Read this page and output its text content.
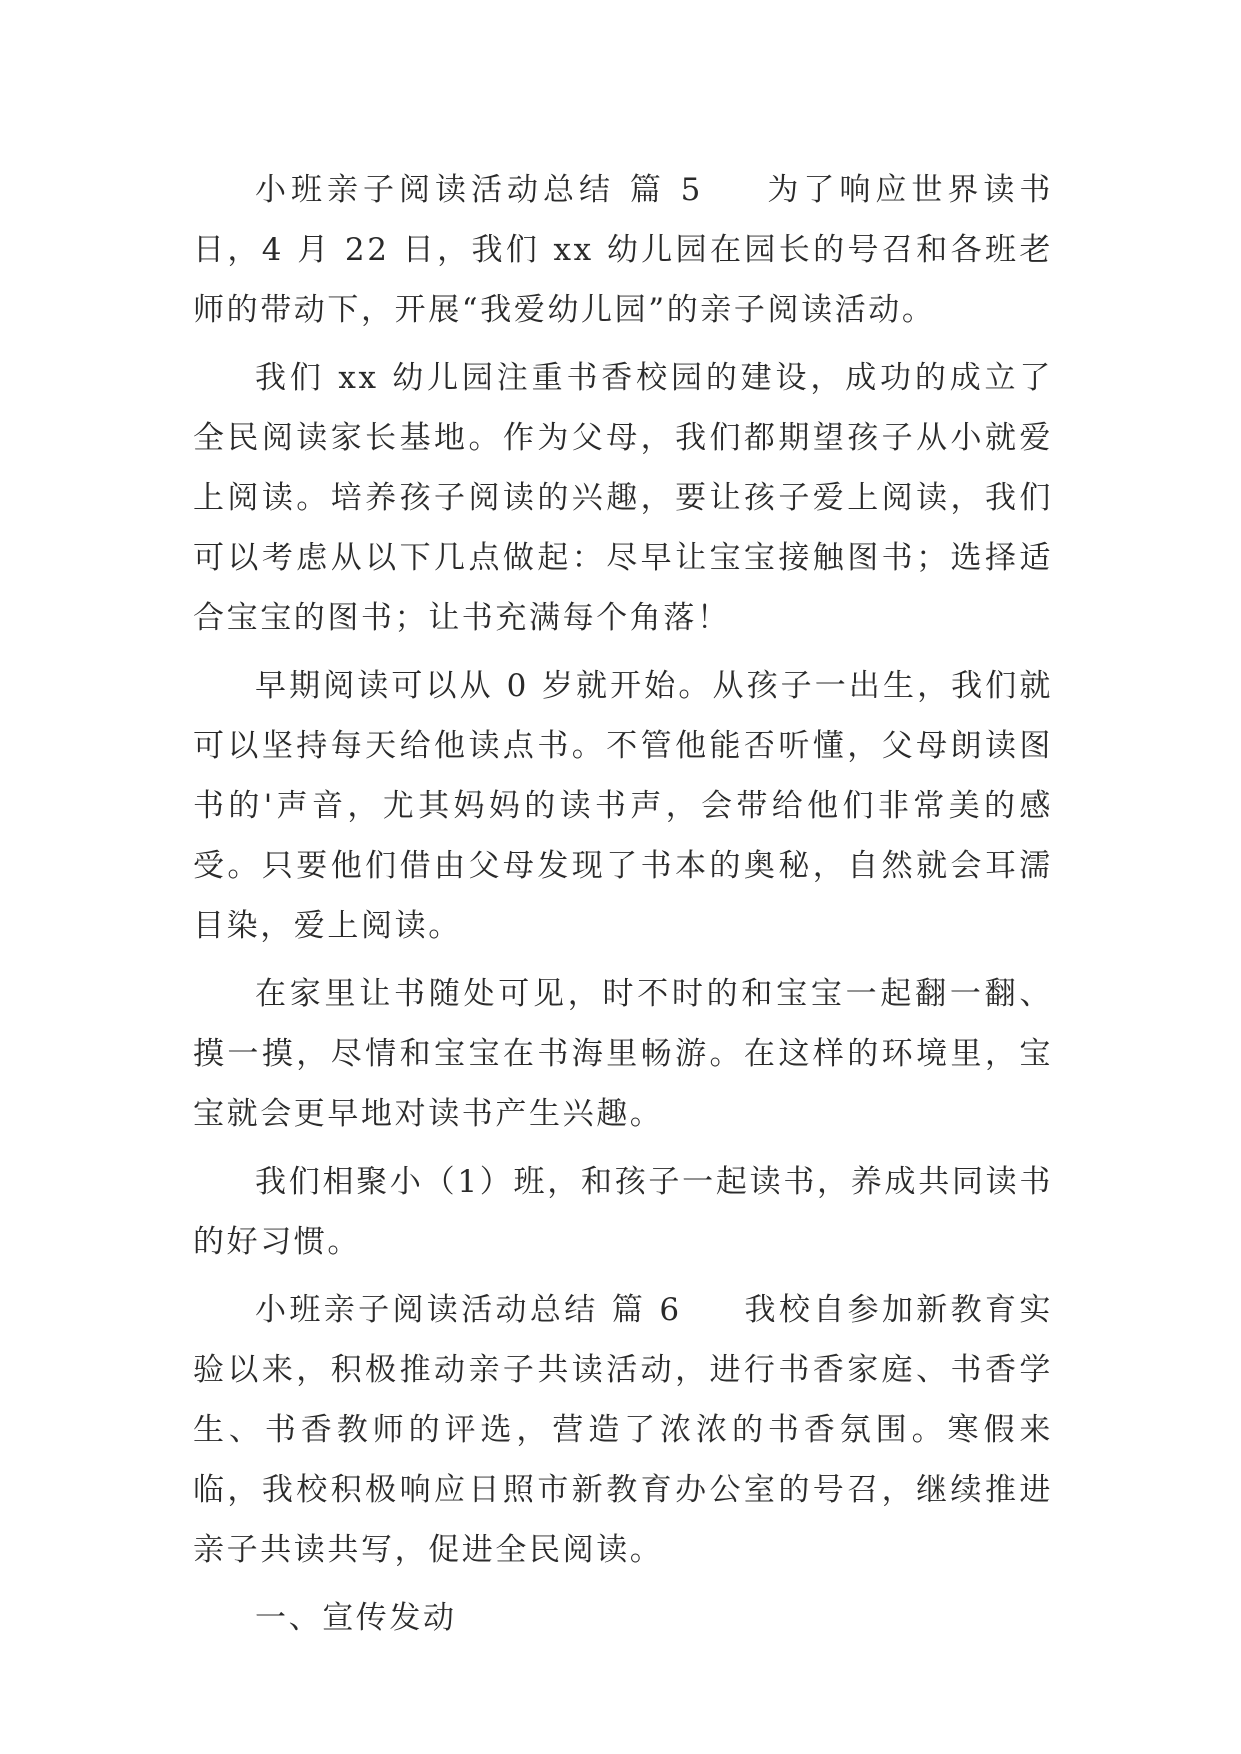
小班亲子阅读活动总结 篇 5 为了响应世界读书日，4 月 22 日，我们 xx 幼儿园在园长的号召和各班老师的带动下，开展“我爱幼儿园”的亲子阅读活动。

我们 xx 幼儿园注重书香校园的建设，成功的成立了全民阅读家长基地。作为父母，我们都期望孩子从小就爱上阅读。培养孩子阅读的兴趣，要让孩子爱上阅读，我们可以考虑从以下几点做起：尽早让宝宝接触图书；选择适合宝宝的图书；让书充满每个角落！

早期阅读可以从 0 岁就开始。从孩子一出生，我们就可以坚持每天给他读点书。不管他能否听懂，父母朗读图书的'声音，尤其妈妈的读书声，会带给他们非常美的感受。只要他们借由父母发现了书本的奥秘，自然就会耳濡目染，爱上阅读。

在家里让书随处可见，时不时的和宝宝一起翻一翻、摸一摸，尽情和宝宝在书海里畅游。在这样的环境里，宝宝就会更早地对读书产生兴趣。

我们相聚小（1）班，和孩子一起读书，养成共同读书的好习惯。

小班亲子阅读活动总结 篇 6 我校自参加新教育实验以来，积极推动亲子共读活动，进行书香家庭、书香学生、书香教师的评选，营造了浓浓的书香氛围。寒假来临，我校积极响应日照市新教育办公室的号召，继续推进亲子共读共写，促进全民阅读。

一、宣传发动
